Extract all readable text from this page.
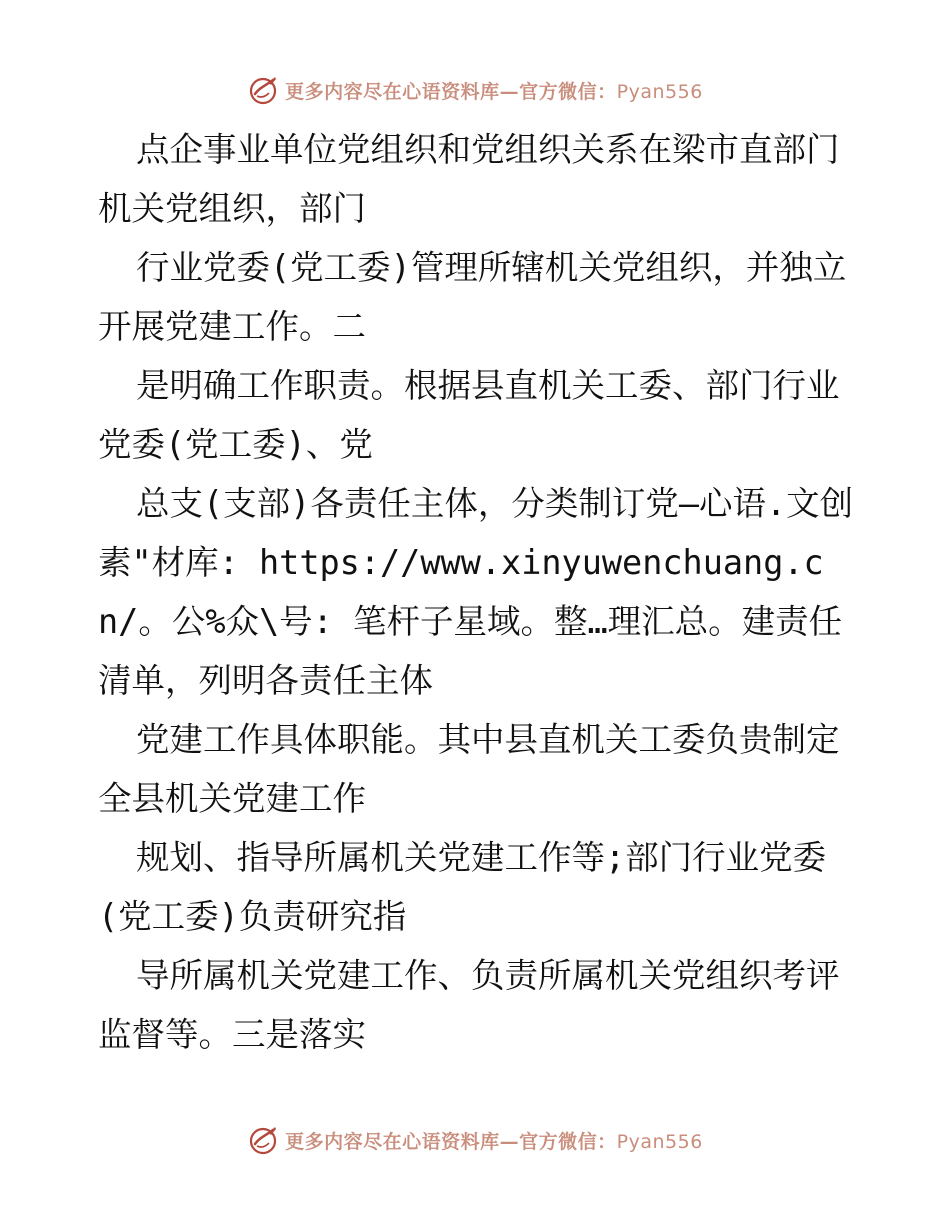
更多内容尽在心语资料库—官方微信：Pyan556

点企事业单位党组织和党组织关系在梁市直部门机关党组织，部门

行业党委(党工委)管理所辖机关党组织，并独立开展党建工作。二

是明确工作职责。根据县直机关工委、部门行业党委(党工委)、党

总支(支部)各责任主体，分类制订党—心语.文创素"材库: https://www.xinyuwenchuang.cn/。公%众\号: 笔杆子星域。整…理汇总。建责任清单，列明各责任主体

党建工作具体职能。其中县直机关工委负贵制定全县机关党建工作

规划、指导所属机关党建工作等;部门行业党委(党工委)负责研究指

导所属机关党建工作、负责所属机关党组织考评监督等。三是落实

更多内容尽在心语资料库—官方微信：Pyan556
